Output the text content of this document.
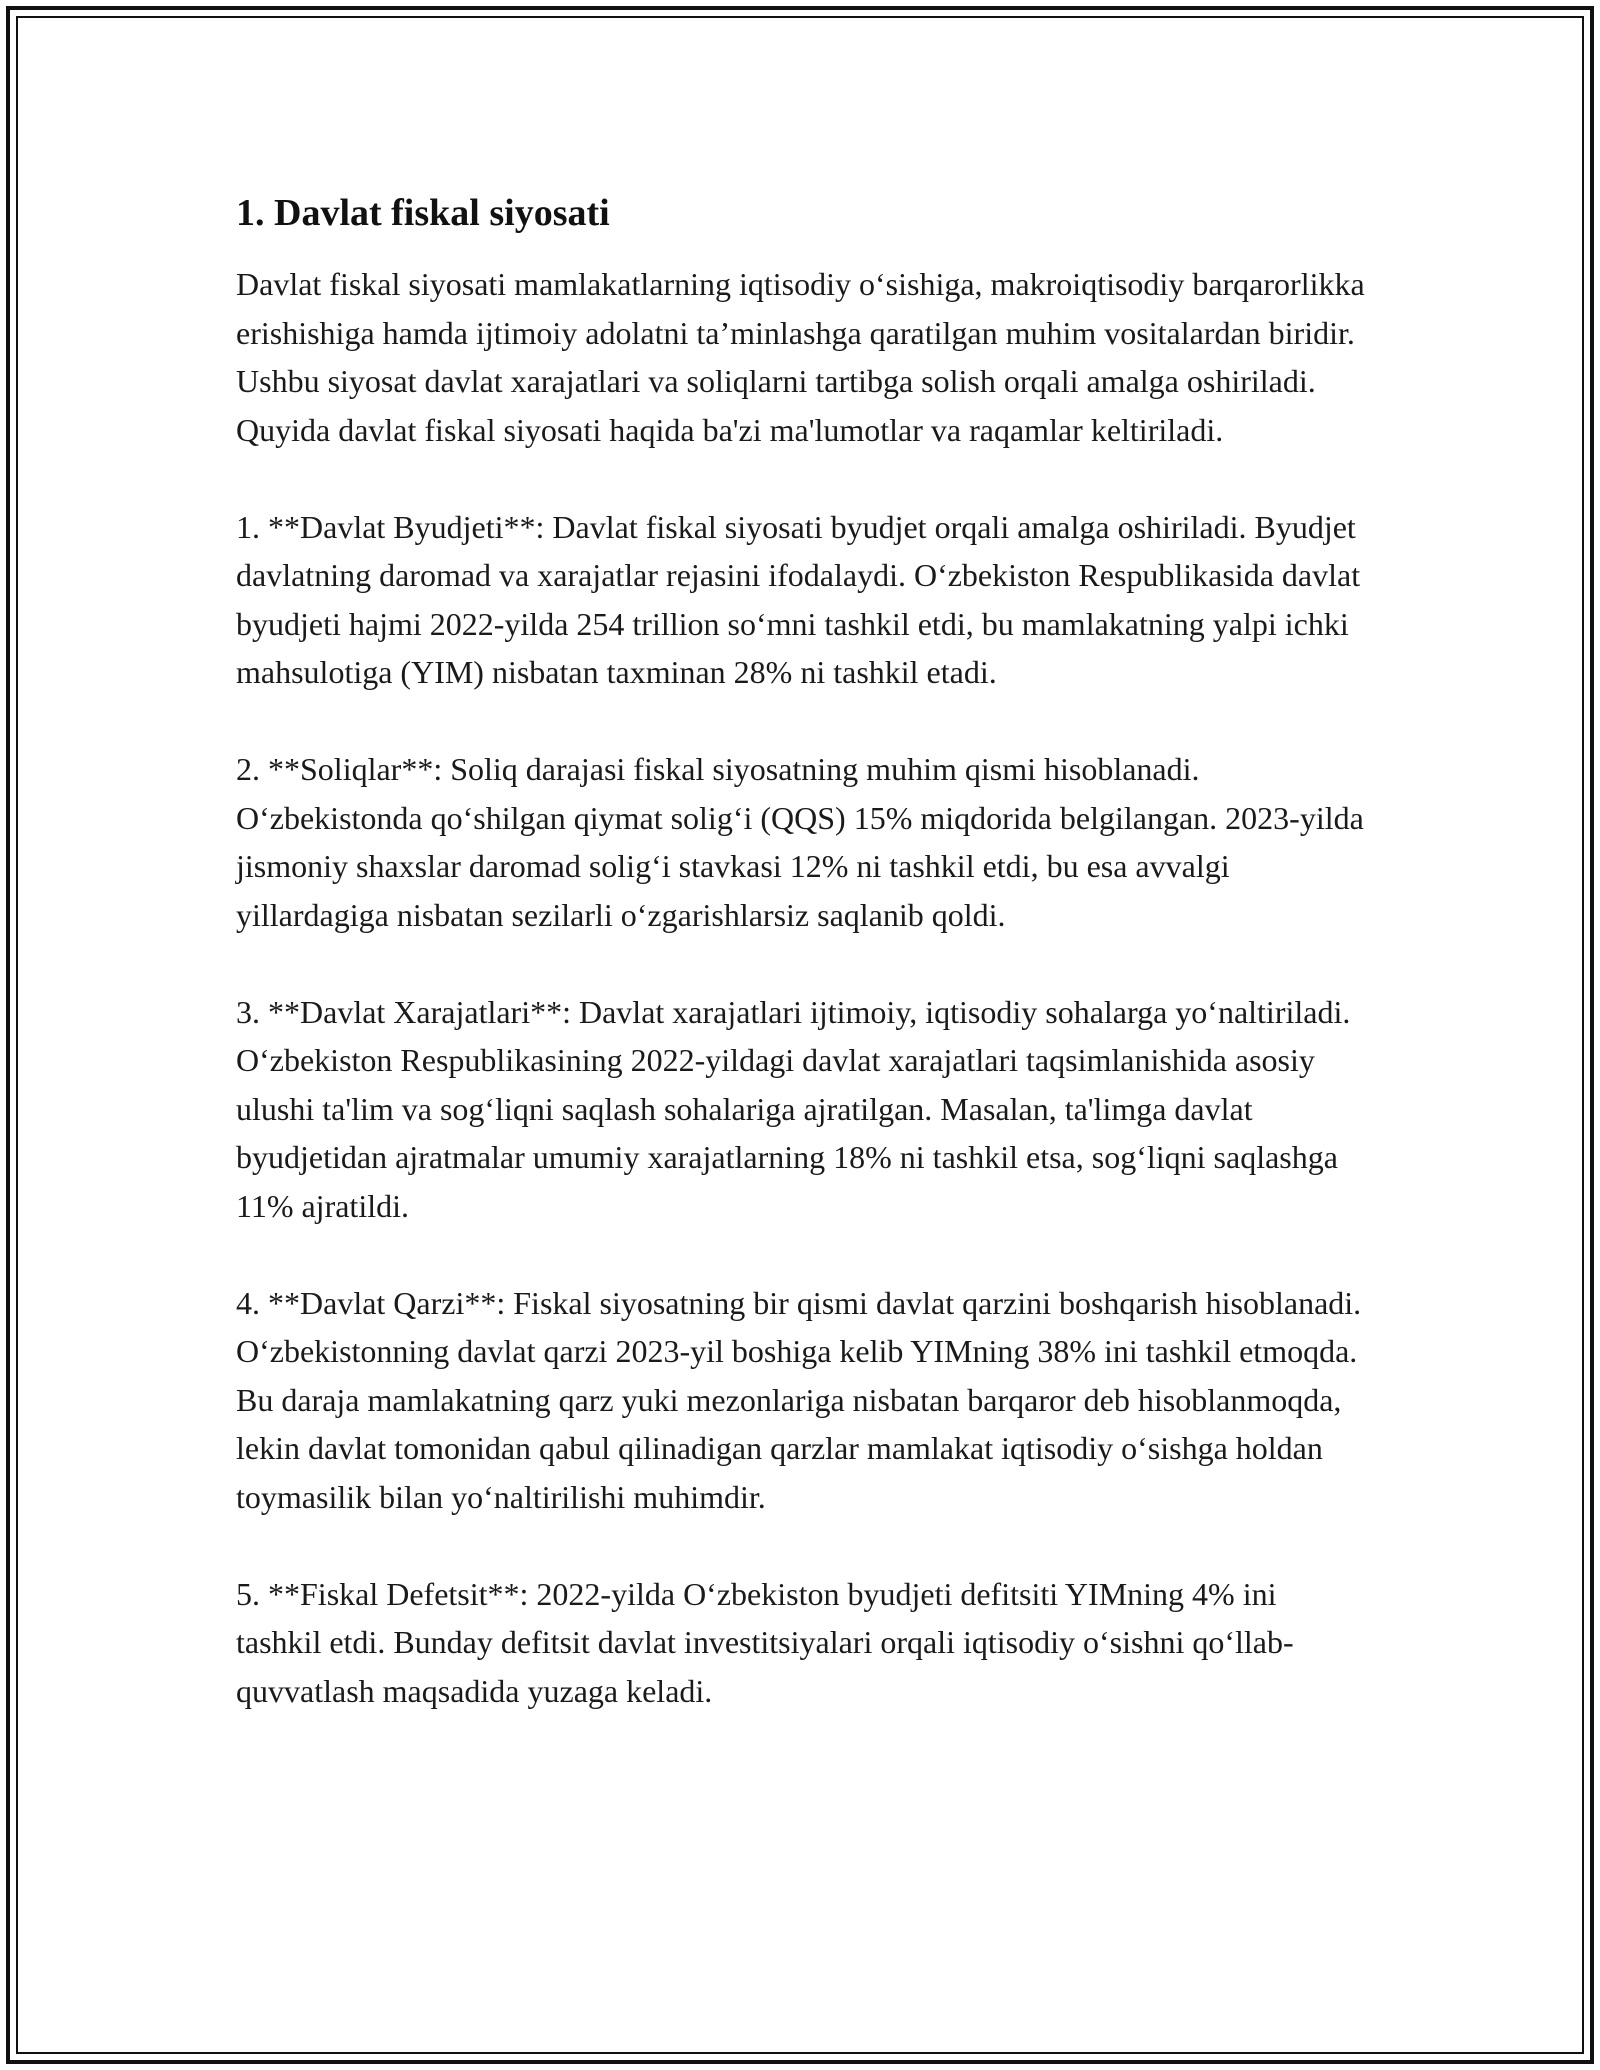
1. Davlat fiskal siyosati

Davlat fiskal siyosati mamlakatlarning iqtisodiy o‘sishiga, makroiqtisodiy barqarorlikka erishishiga hamda ijtimoiy adolatni ta’minlashga qaratilgan muhim vositalardan biridir. Ushbu siyosat davlat xarajatlari va soliqlarni tartibga solish orqali amalga oshiriladi. Quyida davlat fiskal siyosati haqida ba'zi ma'lumotlar va raqamlar keltiriladi.

1. **Davlat Byudjeti**: Davlat fiskal siyosati byudjet orqali amalga oshiriladi. Byudjet davlatning daromad va xarajatlar rejasini ifodalaydi. O‘zbekiston Respublikasida davlat byudjeti hajmi 2022-yilda 254 trillion so‘mni tashkil etdi, bu mamlakatning yalpi ichki mahsulotiga (YIM) nisbatan taxminan 28% ni tashkil etadi.

2. **Soliqlar**: Soliq darajasi fiskal siyosatning muhim qismi hisoblanadi. O‘zbekistonda qo‘shilgan qiymat solig‘i (QQS) 15% miqdorida belgilangan. 2023-yilda jismoniy shaxslar daromad solig‘i stavkasi 12% ni tashkil etdi, bu esa avvalgi yillardagiga nisbatan sezilarli o‘zgarishlarsiz saqlanib qoldi.

3. **Davlat Xarajatlari**: Davlat xarajatlari ijtimoiy, iqtisodiy sohalarga yo‘naltiriladi. O‘zbekiston Respublikasining 2022-yildagi davlat xarajatlari taqsimlanishida asosiy ulushi ta'lim va sog‘liqni saqlash sohalariga ajratilgan. Masalan, ta'limga davlat byudjetidan ajratmalar umumiy xarajatlarning 18% ni tashkil etsa, sog‘liqni saqlashga 11% ajratildi.

4. **Davlat Qarzi**: Fiskal siyosatning bir qismi davlat qarzini boshqarish hisoblanadi. O‘zbekistonning davlat qarzi 2023-yil boshiga kelib YIMning 38% ini tashkil etmoqda. Bu daraja mamlakatning qarz yuki mezonlariga nisbatan barqaror deb hisoblanmoqda, lekin davlat tomonidan qabul qilinadigan qarzlar mamlakat iqtisodiy o‘sishga holdan toymasilik bilan yo‘naltirilishi muhimdir.

5. **Fiskal Defetsit**: 2022-yilda O‘zbekiston byudjeti defitsiti YIMning 4% ini tashkil etdi. Bunday defitsit davlat investitsiyalari orqali iqtisodiy o‘sishni qo‘llab-quvvatlash maqsadida yuzaga keladi.
